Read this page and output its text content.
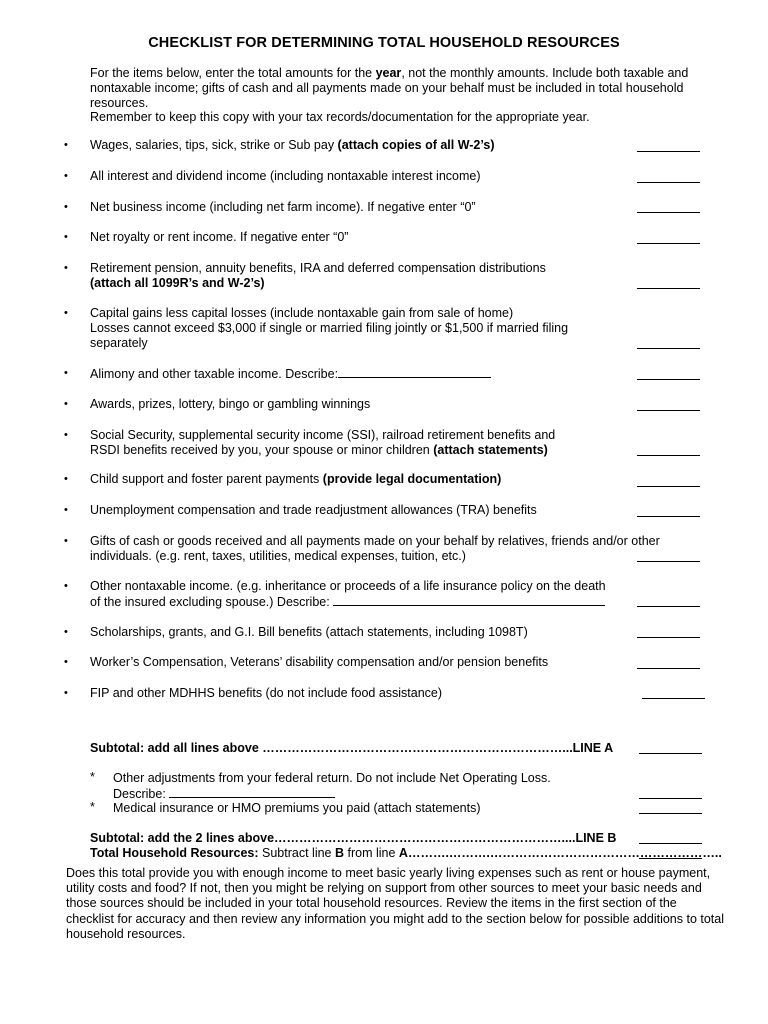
CHECKLIST FOR DETERMINING TOTAL HOUSEHOLD RESOURCES
For the items below, enter the total amounts for the year, not the monthly amounts. Include both taxable and
nontaxable income; gifts of cash and all payments made on your behalf must be included in total household
resources.
Remember to keep this copy with your tax records/documentation for the appropriate year.
• Wages, salaries, tips, sick, strike or Sub pay (attach copies of all W-2’s)
• All interest and dividend income (including nontaxable interest income)
• Net business income (including net farm income). If negative enter “0”
• Net royalty or rent income. If negative enter “0”
• Retirement pension, annuity benefits, IRA and deferred compensation distributions
(attach all 1099R’s and W-2’s)
• Capital gains less capital losses (include nontaxable gain from sale of home)
Losses cannot exceed $3,000 if single or married filing jointly or $1,500 if married filing
separately
• Alimony and other taxable income. Describe:
• Awards, prizes, lottery, bingo or gambling winnings
• Social Security, supplemental security income (SSI), railroad retirement benefits and
RSDI benefits received by you, your spouse or minor children (attach statements)
• Child support and foster parent payments (provide legal documentation)
• Unemployment compensation and trade readjustment allowances (TRA) benefits
• Gifts of cash or goods received and all payments made on your behalf by relatives, friends and/or other
individuals. (e.g. rent, taxes, utilities, medical expenses, tuition, etc.)
• Other nontaxable income. (e.g. inheritance or proceeds of a life insurance policy on the death
of the insured excluding spouse.) Describe:
• Scholarships, grants, and G.I. Bill benefits (attach statements, including 1098T)
• Worker’s Compensation, Veterans’ disability compensation and/or pension benefits
• FIP and other MDHHS benefits (do not include food assistance)
Subtotal: add all lines above ………………………………………………………………...LINE A
* Other adjustments from your federal return. Do not include Net Operating Loss.
Describe:
* Medical insurance or HMO premiums you paid (attach statements)
Subtotal: add the 2 lines above……………………………………………………………....LINE B
Total Household Resources: Subtract line B from line A……….……….………………………………………………..
Does this total provide you with enough income to meet basic yearly living expenses such as rent or house payment, utility costs and food? If not, then you might be relying on support from other sources to meet your basic needs and those sources should be included in your total household resources. Review the items in the first section of the checklist for accuracy and then review any information you might add to the section below for possible additions to total household resources.
